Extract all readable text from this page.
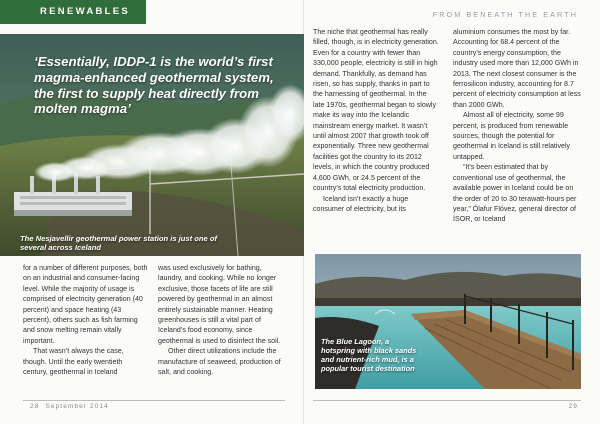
RENEWABLES	FROM BENEATH THE EARTH
‘Essentially, IDDP-1 is the world’s first magma-enhanced geothermal system, the first to supply heat directly from molten magma’
The Nesjavellir geothermal power station is just one of several across Iceland

for a number of different purposes, both on an industrial and consumer-facing level. While the majority of usage is comprised of electricity generation (40 percent) and space heating (43 percent), others such as fish farming and snow melting remain vitally important.

That wasn’t always the case, though. Until the early twentieth century, geothermal in Iceland

was used exclusively for bathing, laundry, and cooking. While no longer exclusive, those facets of life are still powered by geothermal in an almost entirely sustainable manner. Heating greenhouses is still a vital part of Iceland’s food economy, since geothermal is used to disinfect the soil.

Other direct utilizations include the manufacture of seaweed, production of salt, and cooking.

The niche that geothermal has really filled, though, is in electricity generation. Even for a country with fewer than 330,000 people, electricity is still in high demand. Thankfully, as demand has risen, so has supply, thanks in part to the harnessing of geothermal. In the late 1970s, geothermal began to slowly make its way into the Icelandic mainstream energy market. It wasn’t until almost 2007 that growth took off exponentially. Three new geothermal facilities got the country to its 2012 levels, in which the country produced 4,600 GWh, or 24.5 percent of the country’s total electricity production.

Iceland isn’t exactly a huge consumer of electricity, but its

aluminium consumes the most by far. Accounting for 68.4 percent of the country’s energy consumption, the industry used more than 12,000 GWh in 2013. The next closest consumer is the ferrosilicon industry, accounting for 8.7 percent of electricity consumption at less than 2000 GWh.

Almost all of electricity, some 99 percent, is produced from renewable sources, though the potential for geothermal in Iceland is still relatively untapped.

“It’s been estimated that by conventional use of geothermal, the available power in Iceland could be on the order of 20 to 30 terawatt-hours per year,” Ólafur Flóvez, general director of ÍSOR, or Iceland

The Blue Lagoon, a hotspring with black sands and nutrient-rich mud, is a popular tourist destination
28 September 2014	29
